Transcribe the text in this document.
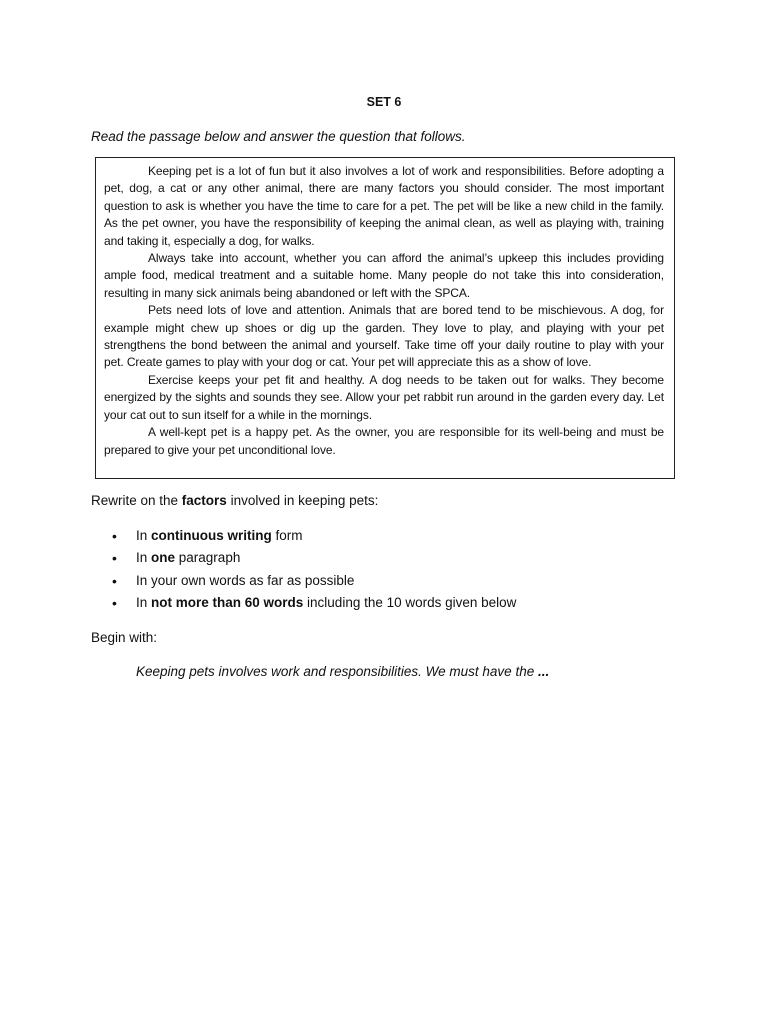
SET 6
Read the passage below and answer the question that follows.

Keeping pet is a lot of fun but it also involves a lot of work and responsibilities. Before adopting a pet, dog, a cat or any other animal, there are many factors you should consider. The most important question to ask is whether you have the time to care for a pet. The pet will be like a new child in the family. As the pet owner, you have the responsibility of keeping the animal clean, as well as playing with, training and taking it, especially a dog, for walks.

Always take into account, whether you can afford the animal’s upkeep this includes providing ample food, medical treatment and a suitable home. Many people do not take this into consideration, resulting in many sick animals being abandoned or left with the SPCA.

Pets need lots of love and attention. Animals that are bored tend to be mischievous. A dog, for example might chew up shoes or dig up the garden. They love to play, and playing with your pet strengthens the bond between the animal and yourself. Take time off your daily routine to play with your pet. Create games to play with your dog or cat. Your pet will appreciate this as a show of love.

Exercise keeps your pet fit and healthy. A dog needs to be taken out for walks. They become energized by the sights and sounds they see. Allow your pet rabbit run around in the garden every day. Let your cat out to sun itself for a while in the mornings.

A well-kept pet is a happy pet. As the owner, you are responsible for its well-being and must be prepared to give your pet unconditional love.

Rewrite on the factors involved in keeping pets:
•	In continuous writing form
•	In one paragraph
•	In your own words as far as possible
•	In not more than 60 words including the 10 words given below
Begin with:
Keeping pets involves work and responsibilities. We must have the ...
